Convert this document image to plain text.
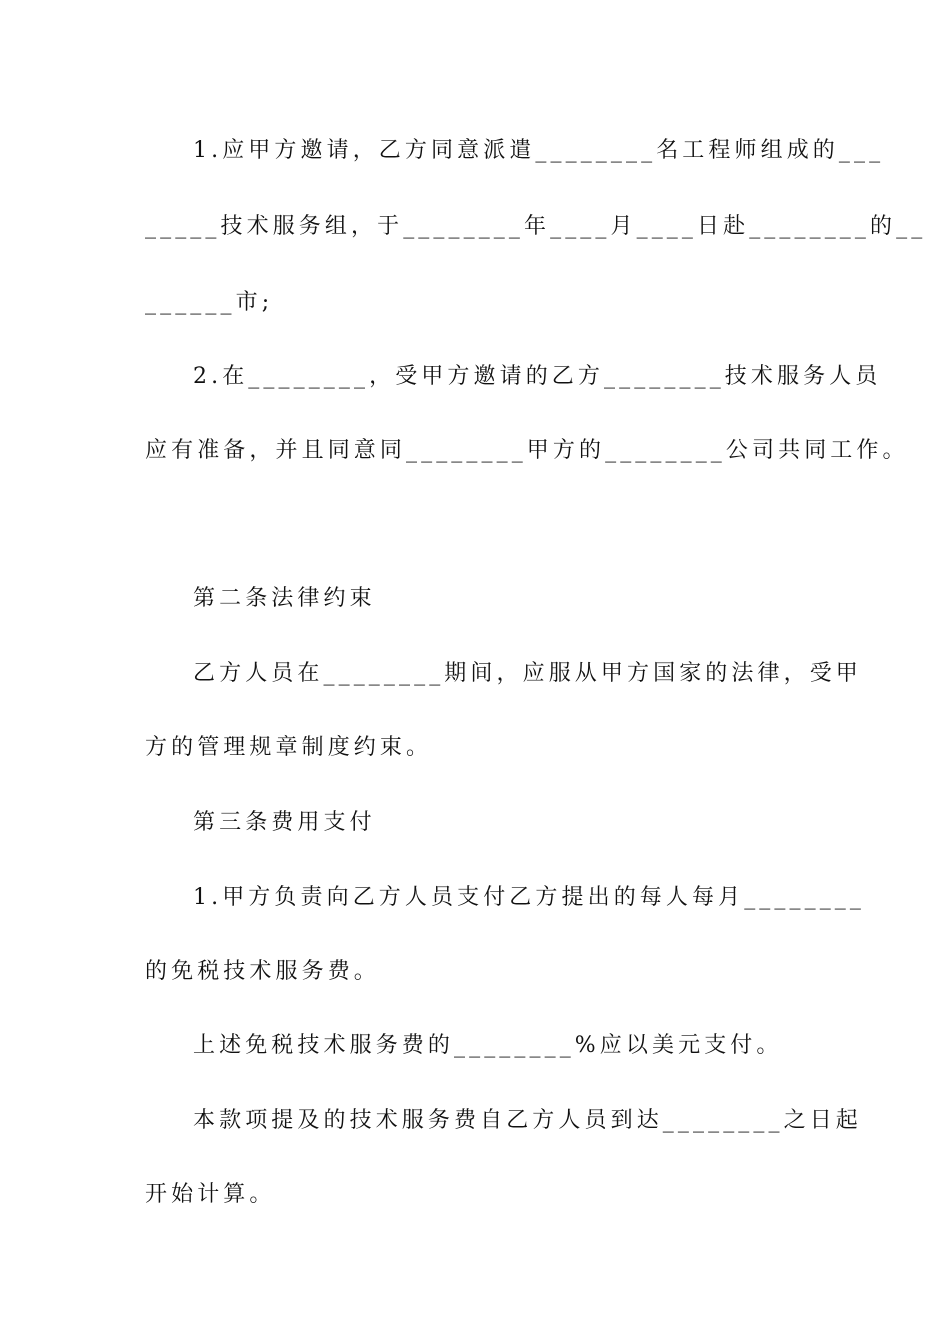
1.应甲方邀请，乙方同意派遣________名工程师组成的___
_____技术服务组，于________年____月____日赴________的__
______市;
2.在________，受甲方邀请的乙方________技术服务人员
应有准备，并且同意同________甲方的________公司共同工作。
第二条法律约束
乙方人员在________期间，应服从甲方国家的法律，受甲
方的管理规章制度约束。
第三条费用支付
1.甲方负责向乙方人员支付乙方提出的每人每月________
的免税技术服务费。
上述免税技术服务费的________%应以美元支付。
本款项提及的技术服务费自乙方人员到达________之日起
开始计算。
